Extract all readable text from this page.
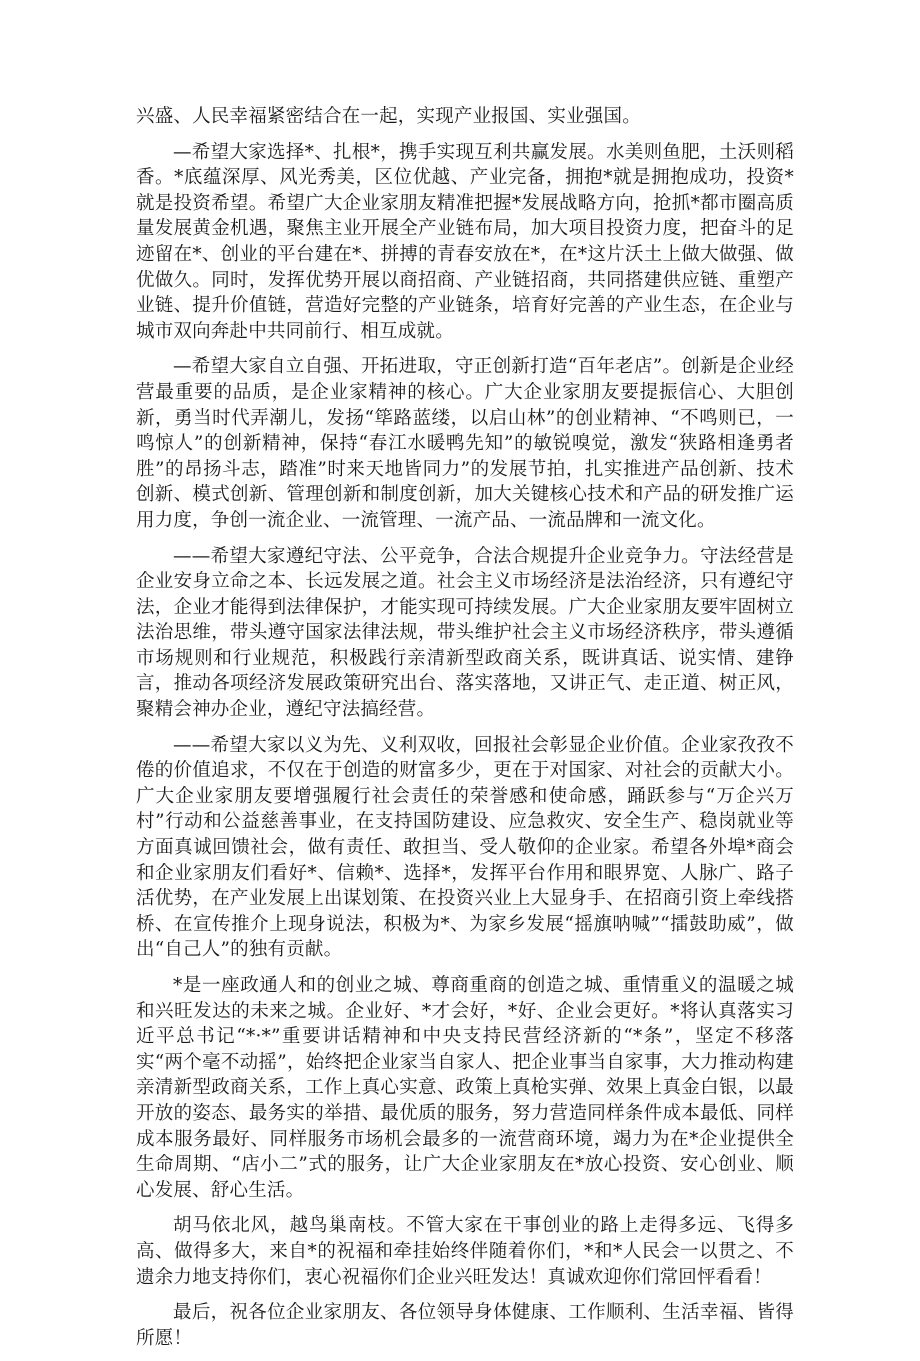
兴盛、人民幸福紧密结合在一起，实现产业报国、实业强国。

—希望大家选择*、扎根*，携手实现互利共赢发展。水美则鱼肥，土沃则稻香。*底蕴深厚、风光秀美，区位优越、产业完备，拥抱*就是拥抱成功，投资*就是投资希望。希望广大企业家朋友精准把握*发展战略方向，抢抓*都市圈高质量发展黄金机遇，聚焦主业开展全产业链布局，加大项目投资力度，把奋斗的足迹留在*、创业的平台建在*、拼搏的青春安放在*，在*这片沃土上做大做强、做优做久。同时，发挥优势开展以商招商、产业链招商，共同搭建供应链、重塑产业链、提升价值链，营造好完整的产业链条，培育好完善的产业生态，在企业与城市双向奔赴中共同前行、相互成就。

—希望大家自立自强、开拓进取，守正创新打造“百年老店”。创新是企业经营最重要的品质，是企业家精神的核心。广大企业家朋友要提振信心、大胆创新，勇当时代弄潮儿，发扬“筚路蓝缕，以启山林”的创业精神、“不鸣则已，一鸣惊人”的创新精神，保持“春江水暖鸭先知”的敏锐嗅觉，激发“狭路相逢勇者胜”的昂扬斗志，踏准”时来天地皆同力”的发展节拍，扎实推进产品创新、技术创新、模式创新、管理创新和制度创新，加大关键核心技术和产品的研发推广运用力度，争创一流企业、一流管理、一流产品、一流品牌和一流文化。

——希望大家遵纪守法、公平竞争，合法合规提升企业竞争力。守法经营是企业安身立命之本、长远发展之道。社会主义市场经济是法治经济，只有遵纪守法，企业才能得到法律保护，才能实现可持续发展。广大企业家朋友要牢固树立法治思维，带头遵守国家法律法规，带头维护社会主义市场经济秩序，带头遵循市场规则和行业规范，积极践行亲清新型政商关系，既讲真话、说实情、建铮言，推动各项经济发展政策研究出台、落实落地，又讲正气、走正道、树正风，聚精会神办企业，遵纪守法搞经营。

——希望大家以义为先、义利双收，回报社会彰显企业价值。企业家孜孜不倦的价值追求，不仅在于创造的财富多少，更在于对国家、对社会的贡献大小。广大企业家朋友要增强履行社会责任的荣誉感和使命感，踊跃参与“万企兴万村”行动和公益慈善事业，在支持国防建设、应急救灾、安全生产、稳岗就业等方面真诚回馈社会，做有责任、敢担当、受人敬仰的企业家。希望各外埠*商会和企业家朋友们看好*、信赖*、选择*，发挥平台作用和眼界宽、人脉广、路子活优势，在产业发展上出谋划策、在投资兴业上大显身手、在招商引资上牵线搭桥、在宣传推介上现身说法，积极为*、为家乡发展“摇旗呐喊”“擂鼓助威”，做出“自己人”的独有贡献。

*是一座政通人和的创业之城、尊商重商的创造之城、重情重义的温暖之城和兴旺发达的未来之城。企业好、*才会好，*好、企业会更好。*将认真落实习近平总书记“*·*”重要讲话精神和中央支持民营经济新的“*条”，坚定不移落实“两个毫不动摇”，始终把企业家当自家人、把企业事当自家事，大力推动构建亲清新型政商关系，工作上真心实意、政策上真枪实弹、效果上真金白银，以最开放的姿态、最务实的举措、最优质的服务，努力营造同样条件成本最低、同样成本服务最好、同样服务市场机会最多的一流营商环境，竭力为在*企业提供全生命周期、“店小二”式的服务，让广大企业家朋友在*放心投资、安心创业、顺心发展、舒心生活。

胡马依北风，越鸟巢南枝。不管大家在干事创业的路上走得多远、飞得多高、做得多大，来自*的祝福和牵挂始终伴随着你们，*和*人民会一以贯之、不遗余力地支持你们，衷心祝福你们企业兴旺发达！真诚欢迎你们常回怦看看！

最后，祝各位企业家朋友、各位领导身体健康、工作顺利、生活幸福、皆得所愿！
